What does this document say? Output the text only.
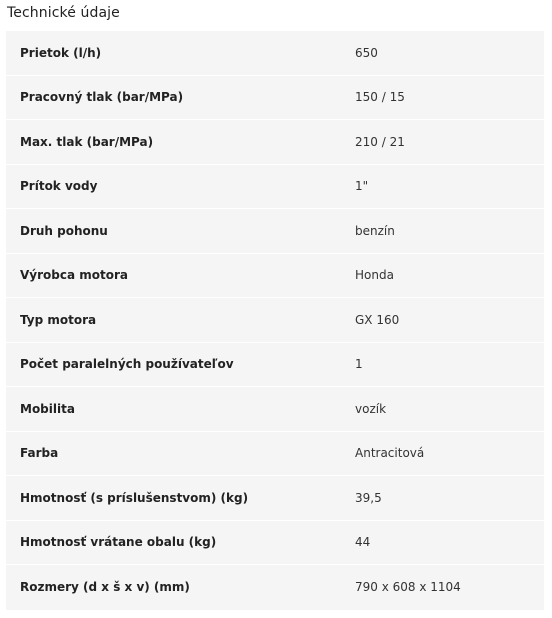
Technické údaje
Prietok (l/h)	650
Pracovný tlak (bar/MPa)	150 / 15
Max. tlak (bar/MPa)	210 / 21
Prítok vody	1"
Druh pohonu	benzín
Výrobca motora	Honda
Typ motora	GX 160
Počet paralelných používateľov	1
Mobilita	vozík
Farba	Antracitová
Hmotnosť (s príslušenstvom) (kg)	39,5
Hmotnosť vrátane obalu (kg)	44
Rozmery (d x š x v) (mm)	790 x 608 x 1104
